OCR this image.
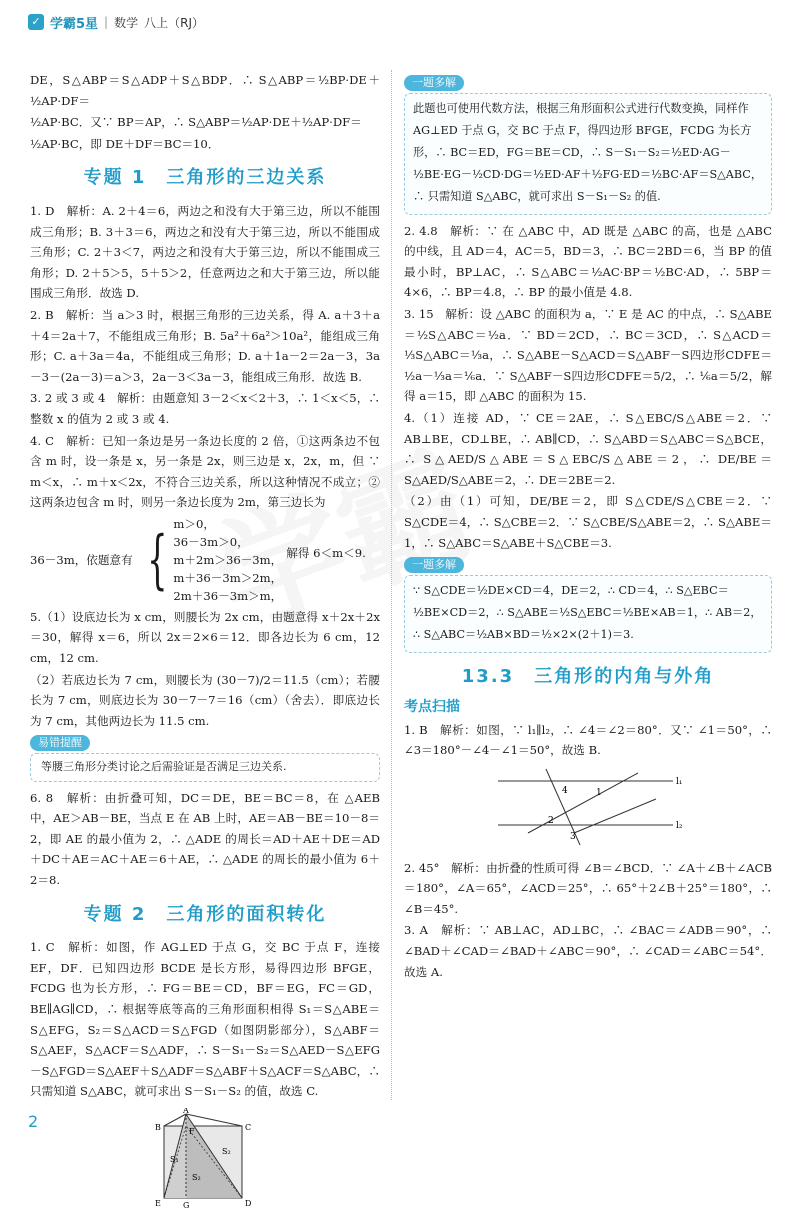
✓ 学霸5星 | 数学 八上（RJ）

DE，S△ABP＝S△ADP＋S△BDP．∴ S△ABP＝½BP·DE＋½AP·DF＝

½AP·BC．又∵ BP＝AP，∴ S△ABP＝½AP·DE＋½AP·DF＝

½AP·BC，即 DE＋DF＝BC＝10．

专题 1　三角形的三边关系

1. D　解析：A. 2＋4＝6，两边之和没有大于第三边，所以不能围成三角形；B. 3＋3＝6，两边之和没有大于第三边，所以不能围成三角形；C. 2＋3＜7，两边之和没有大于第三边，所以不能围成三角形；D. 2＋5＞5，5＋5＞2，任意两边之和大于第三边，所以能围成三角形．故选 D.

2. B　解析：当 a＞3 时，根据三角形的三边关系，得 A. a＋3＋a＋4＝2a＋7，不能组成三角形；B. 5a²＋6a²＞10a²，能组成三角形；C. a＋3a＝4a，不能组成三角形；D. a＋1a－2＝2a－3，3a－3－(2a－3)＝a＞3，2a－3＜3a－3，能组成三角形．故选 B.

3. 2 或 3 或 4　解析：由题意知 3－2＜x＜2＋3，∴ 1＜x＜5，∴ 整数 x 的值为 2 或 3 或 4.

4. C　解析：已知一条边是另一条边长度的 2 倍，①这两条边不包含 m 时，设一条是 x，另一条是 2x，则三边是 x，2x，m，但 ∵ m＜x，∴ m＋x＜2x，不符合三边关系，所以这种情况不成立；②这两条边包含 m 时，则另一条边长度为 2m，第三边长为

36－3m，依题意有 { m＞0，
36－3m＞0，
m＋2m＞36－3m，
m＋36－3m＞2m，
2m＋36－3m＞m，
解得 6＜m＜9.

5.（1）设底边长为 x cm，则腰长为 2x cm，由题意得 x＋2x＋2x＝30，解得 x＝6，所以 2x＝2×6＝12．即各边长为 6 cm，12 cm，12 cm.

（2）若底边长为 7 cm，则腰长为 (30－7)/2＝11.5（cm）；若腰长为 7 cm，则底边长为 30－7－7＝16（cm）（舍去）．即底边长为 7 cm，其他两边长为 11.5 cm.

易错提醒
等腰三角形分类讨论之后需验证是否满足三边关系.

6. 8　解析：由折叠可知，DC＝DE，BE＝BC＝8，在 △AEB 中，AE＞AB－BE，当点 E 在 AB 上时，AE＝AB－BE＝10－8＝2，即 AE 的最小值为 2，∴ △ADE 的周长＝AD＋AE＋DE＝AD＋DC＋AE＝AC＋AE＝6＋AE，∴ △ADE 的周长的最小值为 6＋2＝8.

专题 2　三角形的面积转化

1. C　解析：如图，作 AG⊥ED 于点 G，交 BC 于点 F，连接 EF，DF．已知四边形 BCDE 是长方形，易得四边形 BFGE，FCDG 也为长方形，∴ FG＝BE＝CD，BF＝EG，FC＝GD，BE∥AG∥CD，∴ 根据等底等高的三角形面积相得 S₁＝S△ABE＝S△EFG，S₂＝S△ACD＝S△FGD（如图阴影部分），S△ABF＝S△AEF，S△ACF＝S△ADF，∴ S－S₁－S₂＝S△AED－S△EFG－S△FGD＝S△AEF＋S△ADF＝S△ABF＋S△ACF＝S△ABC，∴ 只需知道 S△ABC，就可求出 S－S₁－S₂ 的值，故选 C.

A
B	C
D
E
F
G
S₁
S₂
S₂
一题多解
此题也可使用代数方法，根据三角形面积公式进行代数变换，同样作 AG⊥ED 于点 G，交 BC 于点 F，得四边形 BFGE，FCDG 为长方形，∴ BC＝ED，FG＝BE＝CD，∴ S－S₁－S₂＝½ED·AG－½BE·EG－½CD·DG＝½ED·AF＋½FG·ED＝½BC·AF＝S△ABC，∴ 只需知道 S△ABC，就可求出 S－S₁－S₂ 的值.

2. 4.8　解析：∵ 在 △ABC 中，AD 既是 △ABC 的高，也是 △ABC 的中线，且 AD＝4，AC＝5，BD＝3，∴ BC＝2BD＝6，当 BP 的值最小时，BP⊥AC，∴ S△ABC＝½AC·BP＝½BC·AD，∴ 5BP＝4×6，∴ BP＝4.8，∴ BP 的最小值是 4.8.

3. 15　解析：设 △ABC 的面积为 a，∵ E 是 AC 的中点，∴ S△ABE＝½S△ABC＝½a．∵ BD＝2CD，∴ BC＝3CD，∴ S△ACD＝⅓S△ABC＝⅓a，∴ S△ABE－S△ACD＝S△ABF－S四边形CDFE＝½a－⅓a＝⅙a．∵ S△ABF－S四边形CDFE＝5/2，∴ ⅙a＝5/2，解得 a＝15，即 △ABC 的面积为 15.

4.（1）连接 AD，∵ CE＝2AE，∴ S△EBC/S△ABE＝2．∵ AB⊥BE，CD⊥BE，∴ AB∥CD，∴ S△ABD＝S△ABC＝S△BCE，∴ S△AED/S△ABE＝S△EBC/S△ABE＝2，∴ DE/BE＝S△AED/S△ABE＝2，∴ DE＝2BE＝2.

（2）由（1）可知，DE/BE＝2，即 S△CDE/S△CBE＝2．∵ S△CDE＝4，∴ S△CBE＝2．∵ S△CBE/S△ABE＝2，∴ S△ABE＝1，∴ S△ABC＝S△ABE＋S△CBE＝3.

一题多解
∵ S△CDE＝½DE×CD＝4，DE＝2，∴ CD＝4，∴ S△EBC＝½BE×CD＝2，∴ S△ABE＝½S△EBC＝½BE×AB＝1，∴ AB＝2，∴ S△ABC＝½AB×BD＝½×2×(2＋1)＝3.
13.3　三角形的内角与外角
考点扫描

1. B　解析：如图，∵ l₁∥l₂，∴ ∠4＝∠2＝80°．又∵ ∠1＝50°，∴ ∠3＝180°－∠4－∠1＝50°，故选 B.

l₁
l₂
1
2
3
4

2. 45°　解析：由折叠的性质可得 ∠B＝∠BCD．∵ ∠A＋∠B＋∠ACB＝180°，∠A＝65°，∠ACD＝25°，∴ 65°＋2∠B＋25°＝180°，∴ ∠B＝45°.

3. A　解析：∵ AB⊥AC，AD⊥BC，∴ ∠BAC＝∠ADB＝90°，∴ ∠BAD＋∠CAD＝∠BAD＋∠ABC＝90°，∴ ∠CAD＝∠ABC＝54°．故选 A.

2
